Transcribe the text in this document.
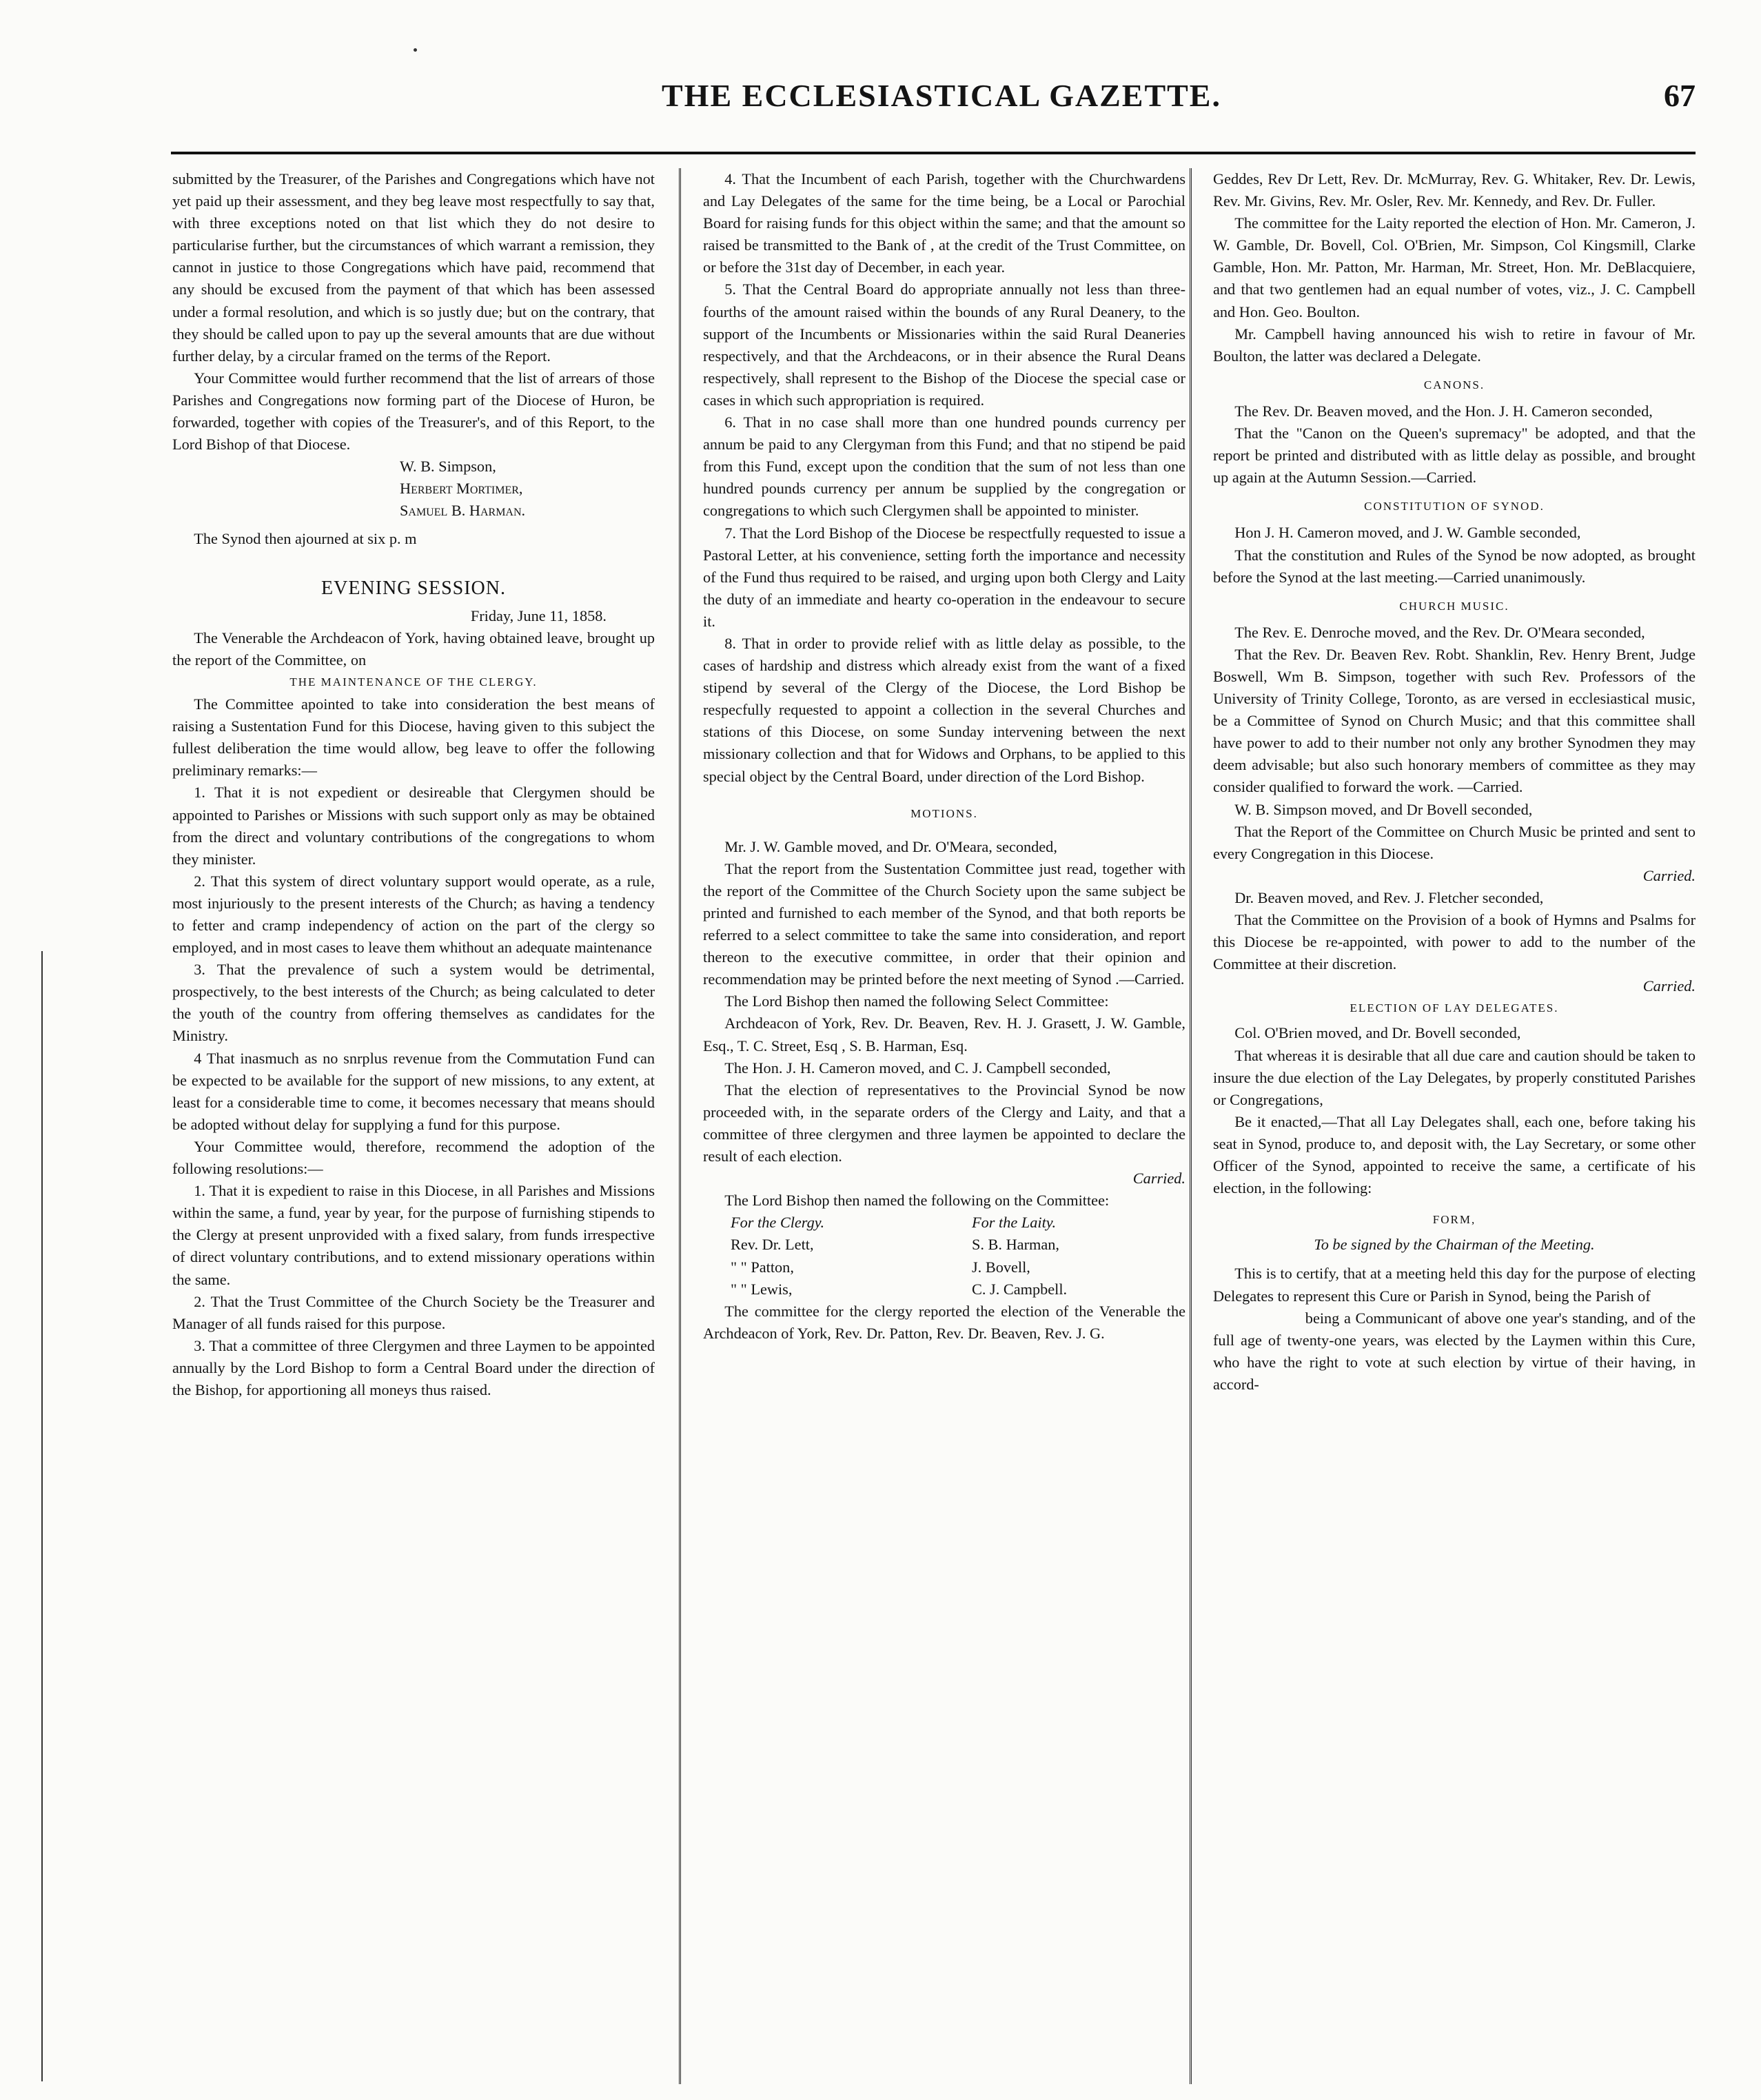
THE ECCLESIASTICAL GAZETTE.	67

submitted by the Treasurer, of the Parishes and Congregations which have not yet paid up their assessment, and they beg leave most respectfully to say that, with three exceptions noted on that list which they do not desire to particularise further, but the circumstances of which warrant a remission, they cannot in justice to those Congregations which have paid, recommend that any should be excused from the payment of that which has been assessed under a formal resolution, and which is so justly due; but on the contrary, that they should be called upon to pay up the several amounts that are due without further delay, by a circular framed on the terms of the Report.

Your Committee would further recommend that the list of arrears of those Parishes and Congregations now forming part of the Diocese of Huron, be forwarded, together with copies of the Treasurer's, and of this Report, to the Lord Bishop of that Diocese.

W. B. Simpson,
Herbert Mortimer,
Samuel B. Harman.

The Synod then ajourned at six p. m

EVENING SESSION.
Friday, June 11, 1858.

The Venerable the Archdeacon of York, having obtained leave, brought up the report of the Committee, on

THE MAINTENANCE OF THE CLERGY.

The Committee apointed to take into consideration the best means of raising a Sustentation Fund for this Diocese, having given to this subject the fullest deliberation the time would allow, beg leave to offer the following preliminary remarks:—

1. That it is not expedient or desireable that Clergymen should be appointed to Parishes or Missions with such support only as may be obtained from the direct and voluntary contributions of the congregations to whom they minister.

2. That this system of direct voluntary support would operate, as a rule, most injuriously to the present interests of the Church; as having a tendency to fetter and cramp independency of action on the part of the clergy so employed, and in most cases to leave them whithout an adequate maintenance

3. That the prevalence of such a system would be detrimental, prospectively, to the best interests of the Church; as being calculated to deter the youth of the country from offering themselves as candidates for the Ministry.

4 That inasmuch as no snrplus revenue from the Commutation Fund can be expected to be available for the support of new missions, to any extent, at least for a considerable time to come, it becomes necessary that means should be adopted without delay for supplying a fund for this purpose.

Your Committee would, therefore, recommend the adoption of the following resolutions:—

1. That it is expedient to raise in this Diocese, in all Parishes and Missions within the same, a fund, year by year, for the purpose of furnishing stipends to the Clergy at present unprovided with a fixed salary, from funds irrespective of direct voluntary contributions, and to extend missionary operations within the same.

2. That the Trust Committee of the Church Society be the Treasurer and Manager of all funds raised for this purpose.

3. That a committee of three Clergymen and three Laymen to be appointed annually by the Lord Bishop to form a Central Board under the direction of the Bishop, for apportioning all moneys thus raised.

4. That the Incumbent of each Parish, together with the Churchwardens and Lay Delegates of the same for the time being, be a Local or Parochial Board for raising funds for this object within the same; and that the amount so raised be transmitted to the Bank of , at the credit of the Trust Committee, on or before the 31st day of December, in each year.

5. That the Central Board do appropriate annually not less than three-fourths of the amount raised within the bounds of any Rural Deanery, to the support of the Incumbents or Missionaries within the said Rural Deaneries respectively, and that the Archdeacons, or in their absence the Rural Deans respectively, shall represent to the Bishop of the Diocese the special case or cases in which such appropriation is required.

6. That in no case shall more than one hundred pounds currency per annum be paid to any Clergyman from this Fund; and that no stipend be paid from this Fund, except upon the condition that the sum of not less than one hundred pounds currency per annum be supplied by the congregation or congregations to which such Clergymen shall be appointed to minister.

7. That the Lord Bishop of the Diocese be respectfully requested to issue a Pastoral Letter, at his convenience, setting forth the importance and necessity of the Fund thus required to be raised, and urging upon both Clergy and Laity the duty of an immediate and hearty co-operation in the endeavour to secure it.

8. That in order to provide relief with as little delay as possible, to the cases of hardship and distress which already exist from the want of a fixed stipend by several of the Clergy of the Diocese, the Lord Bishop be respecfully requested to appoint a collection in the several Churches and stations of this Diocese, on some Sunday intervening between the next missionary collection and that for Widows and Orphans, to be applied to this special object by the Central Board, under direction of the Lord Bishop.

MOTIONS.

Mr. J. W. Gamble moved, and Dr. O'Meara, seconded,

That the report from the Sustentation Committee just read, together with the report of the Committee of the Church Society upon the same subject be printed and furnished to each member of the Synod, and that both reports be referred to a select committee to take the same into consideration, and report thereon to the executive committee, in order that their opinion and recommendation may be printed before the next meeting of Synod .—Carried.

The Lord Bishop then named the following Select Committee:

Archdeacon of York, Rev. Dr. Beaven, Rev. H. J. Grasett, J. W. Gamble, Esq., T. C. Street, Esq , S. B. Harman, Esq.

The Hon. J. H. Cameron moved, and C. J. Campbell seconded,

That the election of representatives to the Provincial Synod be now proceeded with, in the separate orders of the Clergy and Laity, and that a committee of three clergymen and three laymen be appointed to declare the result of each election.

Carried.

The Lord Bishop then named the following on the Committee:

For the Clergy.
Rev. Dr. Lett,
" " Patton,
" " Lewis,
For the Laity.
S. B. Harman,
J. Bovell,
C. J. Campbell.

The committee for the clergy reported the election of the Venerable the Archdeacon of York, Rev. Dr. Patton, Rev. Dr. Beaven, Rev. J. G.

Geddes, Rev Dr Lett, Rev. Dr. McMurray, Rev. G. Whitaker, Rev. Dr. Lewis, Rev. Mr. Givins, Rev. Mr. Osler, Rev. Mr. Kennedy, and Rev. Dr. Fuller.

The committee for the Laity reported the election of Hon. Mr. Cameron, J. W. Gamble, Dr. Bovell, Col. O'Brien, Mr. Simpson, Col Kingsmill, Clarke Gamble, Hon. Mr. Patton, Mr. Harman, Mr. Street, Hon. Mr. DeBlacquiere, and that two gentlemen had an equal number of votes, viz., J. C. Campbell and Hon. Geo. Boulton.

Mr. Campbell having announced his wish to retire in favour of Mr. Boulton, the latter was declared a Delegate.

CANONS.

The Rev. Dr. Beaven moved, and the Hon. J. H. Cameron seconded,

That the "Canon on the Queen's supremacy" be adopted, and that the report be printed and distributed with as little delay as possible, and brought up again at the Autumn Session.—Carried.

CONSTITUTION OF SYNOD.

Hon J. H. Cameron moved, and J. W. Gamble seconded,

That the constitution and Rules of the Synod be now adopted, as brought before the Synod at the last meeting.—Carried unanimously.

CHURCH MUSIC.

The Rev. E. Denroche moved, and the Rev. Dr. O'Meara seconded,

That the Rev. Dr. Beaven Rev. Robt. Shanklin, Rev. Henry Brent, Judge Boswell, Wm B. Simpson, together with such Rev. Professors of the University of Trinity College, Toronto, as are versed in ecclesiastical music, be a Committee of Synod on Church Music; and that this committee shall have power to add to their number not only any brother Synodmen they may deem advisable; but also such honorary members of committee as they may consider qualified to forward the work. —Carried.

W. B. Simpson moved, and Dr Bovell seconded,

That the Report of the Committee on Church Music be printed and sent to every Congregation in this Diocese.

Carried.

Dr. Beaven moved, and Rev. J. Fletcher seconded,

That the Committee on the Provision of a book of Hymns and Psalms for this Diocese be re-appointed, with power to add to the number of the Committee at their discretion.

Carried.
ELECTION OF LAY DELEGATES.

Col. O'Brien moved, and Dr. Bovell seconded,

That whereas it is desirable that all due care and caution should be taken to insure the due election of the Lay Delegates, by properly constituted Parishes or Congregations,

Be it enacted,—That all Lay Delegates shall, each one, before taking his seat in Synod, produce to, and deposit with, the Lay Secretary, or some other Officer of the Synod, appointed to receive the same, a certificate of his election, in the following:

FORM,
To be signed by the Chairman of the Meeting.

This is to certify, that at a meeting held this day for the purpose of electing Delegates to represent this Cure or Parish in Synod, being the Parish of

being a Communicant of above one year's standing, and of the full age of twenty-one years, was elected by the Laymen within this Cure, who have the right to vote at such election by virtue of their having, in accord-
